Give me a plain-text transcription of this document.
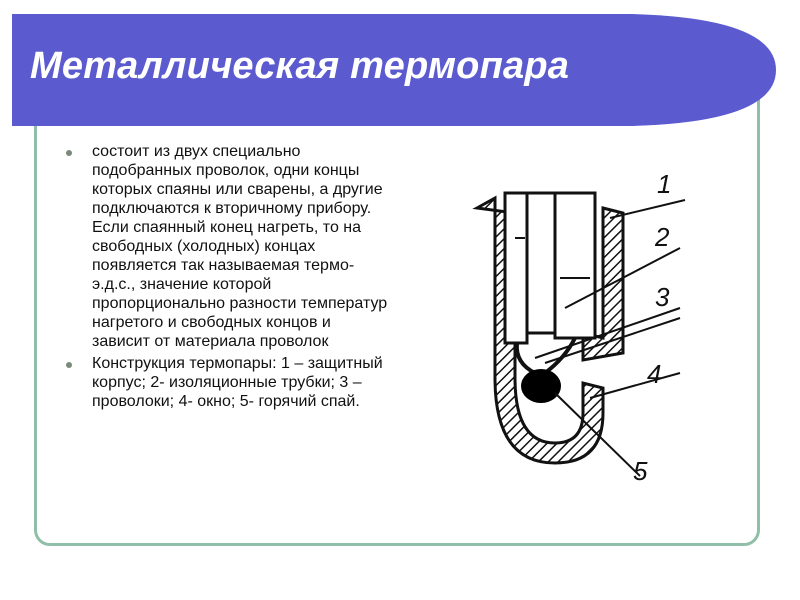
Металлическая термопара
состоит из двух специально подобранных проволок, одни концы которых спаяны или сварены, а другие подключаются к вторичному прибору. Если спаянный конец нагреть, то на свободных (холодных) концах появляется так называемая термо-э.д.с., значение которой пропорционально разности температур нагретого и свободных концов и зависит от материала проволок
Конструкция термопары: 1 – защитный корпус; 2- изоляционные трубки; 3 – проволоки; 4- окно; 5- горячий спай.
1
2
3
4
5
